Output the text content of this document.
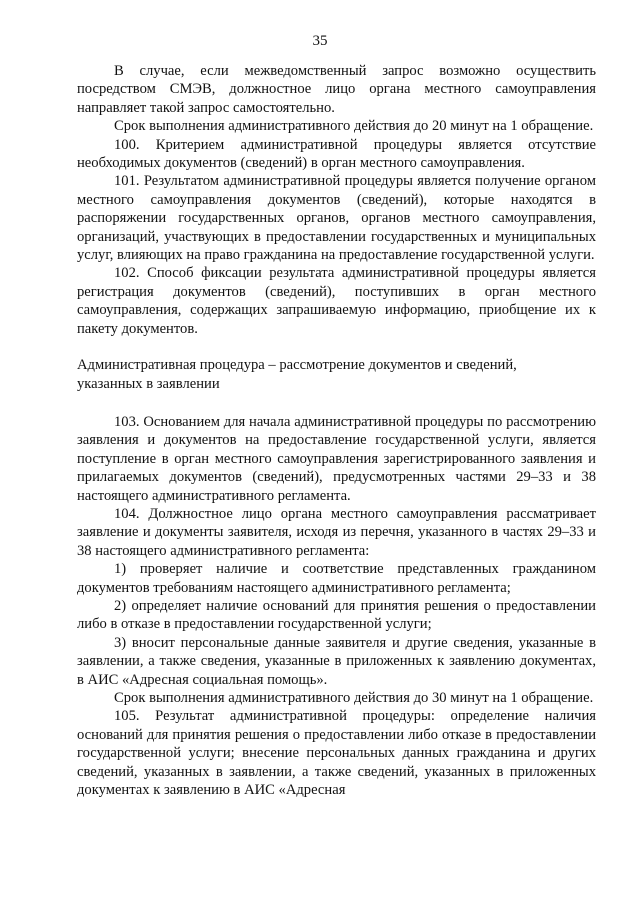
35

В случае, если межведомственный запрос возможно осуществить посредством СМЭВ, должностное лицо органа местного самоуправления направляет такой запрос самостоятельно.

Срок выполнения административного действия до 20 минут на 1 обращение.

100. Критерием административной процедуры является отсутствие необходимых документов (сведений) в орган местного самоуправления.

101. Результатом административной процедуры является получение органом местного самоуправления документов (сведений), которые находятся в распоряжении государственных органов, органов местного самоуправления, организаций, участвующих в предоставлении государственных и муниципальных услуг, влияющих на право гражданина на предоставление государственной услуги.

102. Способ фиксации результата административной процедуры является регистрация документов (сведений), поступивших в орган местного самоуправления, содержащих запрашиваемую информацию, приобщение их к пакету документов.

Административная процедура – рассмотрение документов и сведений,

указанных в заявлении

103. Основанием для начала административной процедуры по рассмотрению заявления и документов на предоставление государственной услуги, является поступление в орган местного самоуправления зарегистрированного заявления и прилагаемых документов (сведений), предусмотренных частями 29–33 и 38 настоящего административного регламента.

104. Должностное лицо органа местного самоуправления рассматривает заявление и документы заявителя, исходя из перечня, указанного в частях 29–33 и 38 настоящего административного регламента:

1) проверяет наличие и соответствие представленных гражданином документов требованиям настоящего административного регламента;

2) определяет наличие оснований для принятия решения о предоставлении либо в отказе в предоставлении государственной услуги;

3) вносит персональные данные заявителя и другие сведения, указанные в заявлении, а также сведения, указанные в приложенных к заявлению документах, в АИС «Адресная социальная помощь».

Срок выполнения административного действия до 30 минут на 1 обращение.

105. Результат административной процедуры: определение наличия оснований для принятия решения о предоставлении либо отказе в предоставлении государственной услуги; внесение персональных данных гражданина и других сведений, указанных в заявлении, а также сведений, указанных в приложенных документах к заявлению в АИС «Адресная
